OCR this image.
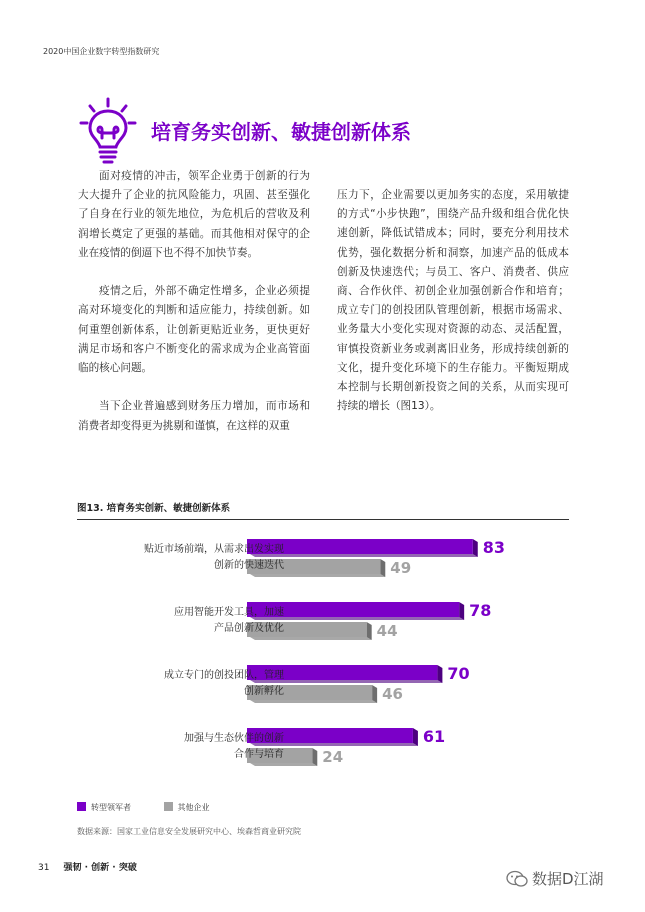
2020中国企业数字转型指数研究
培育务实创新、敏捷创新体系

面对疫情的冲击，领军企业勇于创新的行为大大提升了企业的抗风险能力，巩固、甚至强化了自身在行业的领先地位，为危机后的营收及利润增长奠定了更强的基础。而其他相对保守的企业在疫情的倒逼下也不得不加快节奏。

疫情之后，外部不确定性增多，企业必须提高对环境变化的判断和适应能力，持续创新。如何重塑创新体系，让创新更贴近业务，更快更好满足市场和客户不断变化的需求成为企业高管面临的核心问题。

当下企业普遍感到财务压力增加，而市场和消费者却变得更为挑剔和谨慎，在这样的双重

压力下，企业需要以更加务实的态度，采用敏捷的方式“小步快跑”，围绕产品升级和组合优化快速创新，降低试错成本；同时，要充分利用技术优势，强化数据分析和洞察，加速产品的低成本创新及快速迭代；与员工、客户、消费者、供应商、合作伙伴、初创企业加强创新合作和培育；成立专门的创投团队管理创新，根据市场需求、业务量大小变化实现对资源的动态、灵活配置，审慎投资新业务或剥离旧业务，形成持续创新的文化，提升变化环境下的生存能力。平衡短期成本控制与长期创新投资之间的关系，从而实现可持续的增长（图13）。

图13. 培育务实创新、敏捷创新体系
83
49
78
44
70
46
61
24
贴近市场前端，从需求出发实现
创新的快速迭代
应用智能开发工具，加速
产品创新及优化
成立专门的创投团队，管理
创新孵化
加强与生态伙伴的创新
合作与培育
转型领军者	其他企业
数据来源：国家工业信息安全发展研究中心、埃森哲商业研究院
31 强韧 · 创新 · 突破
数据D江湖
